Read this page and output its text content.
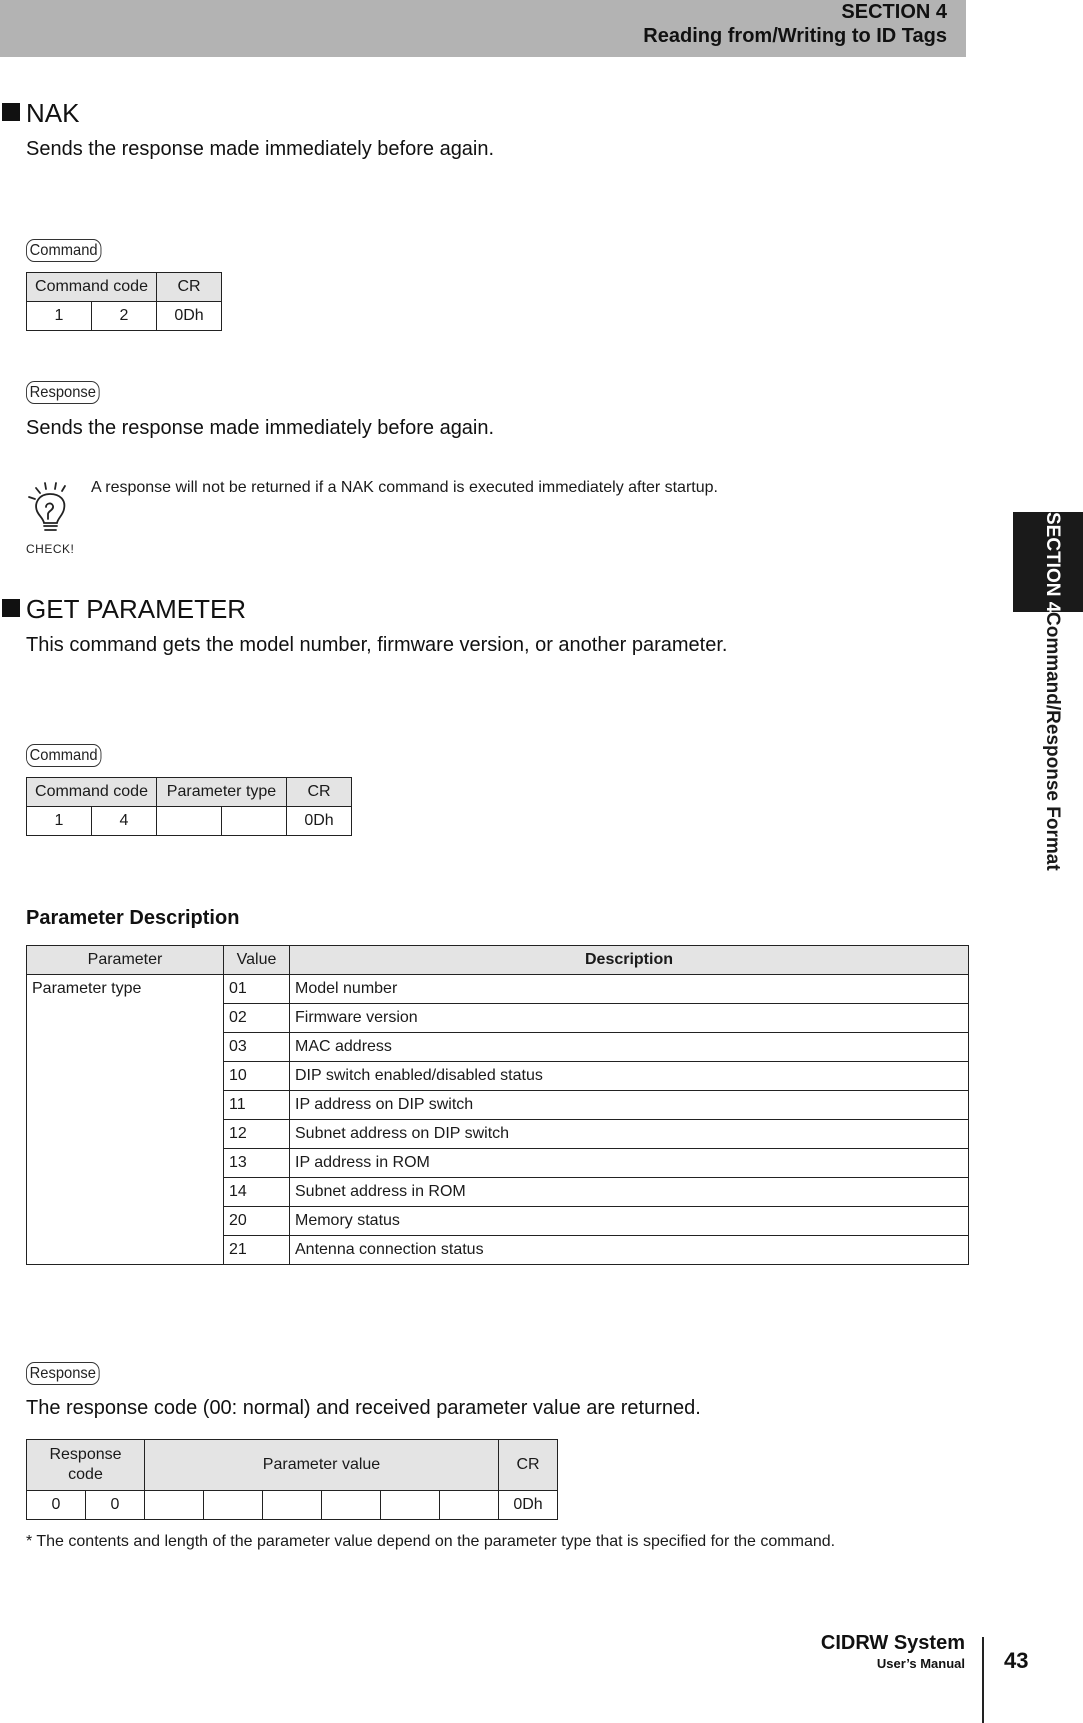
SECTION 4
Reading from/Writing to ID Tags
NAK
Sends the response made immediately before again.
Command
Command code		CR
1	2	0Dh
Response
Sends the response made immediately before again.
CHECK!
A response will not be returned if a NAK command is executed immediately after startup.
GET PARAMETER
This command gets the model number, firmware version, or another parameter.
Command
Command code		Parameter type		CR
1	4			0Dh
Parameter Description
Parameter	Value	Description
Parameter type	01	Model number
	02	Firmware version
	03	MAC address
	10	DIP switch enabled/disabled status
	11	IP address on DIP switch
	12	Subnet address on DIP switch
	13	IP address in ROM
	14	Subnet address in ROM
	20	Memory status
	21	Antenna connection status
Response
The response code (00: normal) and received parameter value are returned.
Response code		Parameter value						CR
0	0							0Dh
* The contents and length of the parameter value depend on the parameter type that is specified for the command.
SECTION 4Command/Response Format
CIDRW System
User’s Manual 43
